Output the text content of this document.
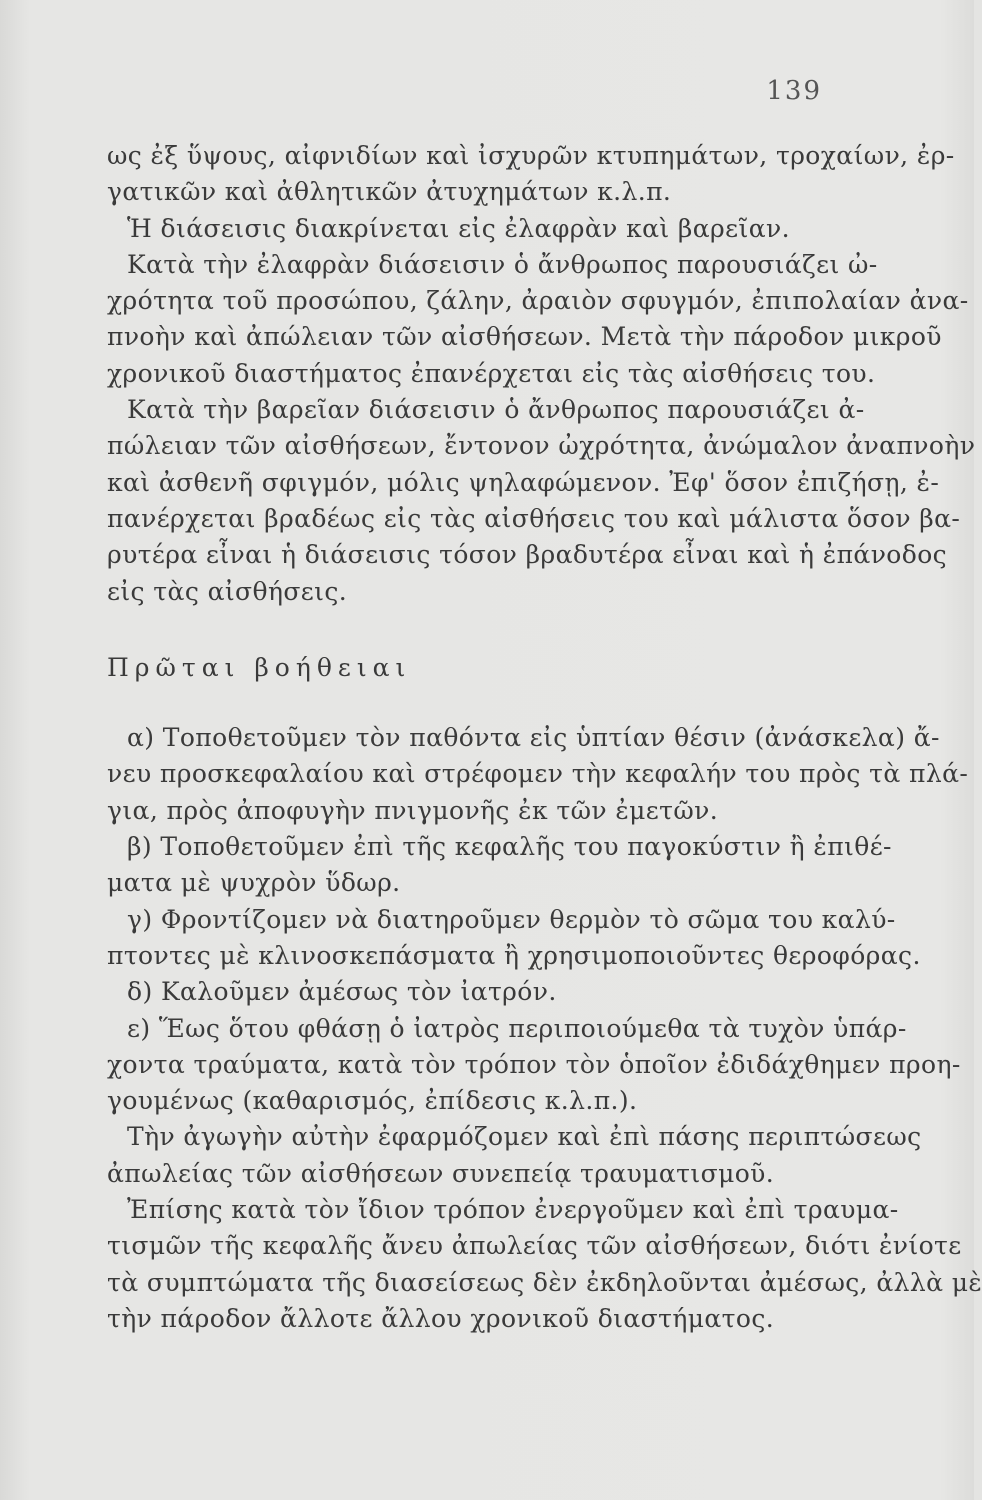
139
ως ἐξ ὕψους, αἰφνιδίων καὶ ἰσχυρῶν κτυπημάτων, τροχαίων, ἐρ-
γατικῶν καὶ ἀθλητικῶν ἀτυχημάτων κ.λ.π.
Ἡ διάσεισις διακρίνεται εἰς ἐλαφρὰν καὶ βαρεῖαν.
Κατὰ τὴν ἐλαφρὰν διάσεισιν ὁ ἄνθρωπος παρουσιάζει ὠ-
χρότητα τοῦ προσώπου, ζάλην, ἀραιὸν σφυγμόν, ἐπιπολαίαν ἀνα-
πνοὴν καὶ ἀπώλειαν τῶν αἰσθήσεων. Μετὰ τὴν πάροδον μικροῦ
χρονικοῦ διαστήματος ἐπανέρχεται εἰς τὰς αἰσθήσεις του.
Κατὰ τὴν βαρεῖαν διάσεισιν ὁ ἄνθρωπος παρουσιάζει ἀ-
πώλειαν τῶν αἰσθήσεων, ἔντονον ὠχρότητα, ἀνώμαλον ἀναπνοὴν
καὶ ἀσθενῆ σφιγμόν, μόλις ψηλαφώμενον. Ἐφ' ὅσον ἐπιζήσῃ, ἐ-
πανέρχεται βραδέως εἰς τὰς αἰσθήσεις του καὶ μάλιστα ὅσον βα-
ρυτέρα εἶναι ἡ διάσεισις τόσον βραδυτέρα εἶναι καὶ ἡ ἐπάνοδος
εἰς τὰς αἰσθήσεις.
Πρῶται βοήθειαι
α) Τοποθετοῦμεν τὸν παθόντα εἰς ὑπτίαν θέσιν (ἀνάσκελα) ἄ-
νευ προσκεφαλαίου καὶ στρέφομεν τὴν κεφαλήν του πρὸς τὰ πλά-
για, πρὸς ἀποφυγὴν πνιγμονῆς ἐκ τῶν ἐμετῶν.
β) Τοποθετοῦμεν ἐπὶ τῆς κεφαλῆς του παγοκύστιν ἢ ἐπιθέ-
ματα μὲ ψυχρὸν ὕδωρ.
γ) Φροντίζομεν νὰ διατηροῦμεν θερμὸν τὸ σῶμα του καλύ-
πτοντες μὲ κλινοσκεπάσματα ἢ χρησιμοποιοῦντες θεροφόρας.
δ) Καλοῦμεν ἀμέσως τὸν ἰατρόν.
ε) Ἕως ὅτου φθάσῃ ὁ ἰατρὸς περιποιούμεθα τὰ τυχὸν ὑπάρ-
χοντα τραύματα, κατὰ τὸν τρόπον τὸν ὁποῖον ἐδιδάχθημεν προη-
γουμένως (καθαρισμός, ἐπίδεσις κ.λ.π.).
Τὴν ἀγωγὴν αὐτὴν ἐφαρμόζομεν καὶ ἐπὶ πάσης περιπτώσεως
ἀπωλείας τῶν αἰσθήσεων συνεπείᾳ τραυματισμοῦ.
Ἐπίσης κατὰ τὸν ἴδιον τρόπον ἐνεργοῦμεν καὶ ἐπὶ τραυμα-
τισμῶν τῆς κεφαλῆς ἄνευ ἀπωλείας τῶν αἰσθήσεων, διότι ἐνίοτε
τὰ συμπτώματα τῆς διασείσεως δὲν ἐκδηλοῦνται ἀμέσως, ἀλλὰ μὲ
τὴν πάροδον ἄλλοτε ἄλλου χρονικοῦ διαστήματος.
